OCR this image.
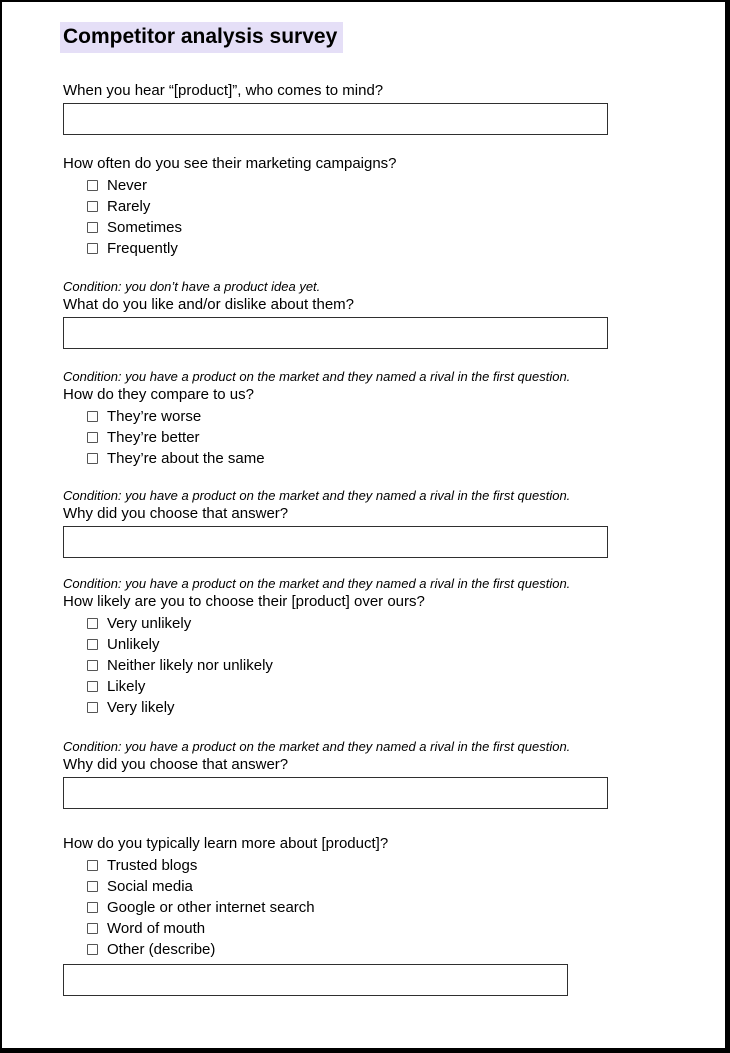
Competitor analysis survey
When you hear “[product]”, who comes to mind?
How often do you see their marketing campaigns?
Never
Rarely
Sometimes
Frequently
Condition: you don’t have a product idea yet.
What do you like and/or dislike about them?
Condition: you have a product on the market and they named a rival in the first question.
How do they compare to us?
They’re worse
They’re better
They’re about the same
Condition: you have a product on the market and they named a rival in the first question.
Why did you choose that answer?
Condition: you have a product on the market and they named a rival in the first question.
How likely are you to choose their [product] over ours?
Very unlikely
Unlikely
Neither likely nor unlikely
Likely
Very likely
Condition: you have a product on the market and they named a rival in the first question.
Why did you choose that answer?
How do you typically learn more about [product]?
Trusted blogs
Social media
Google or other internet search
Word of mouth
Other (describe)
